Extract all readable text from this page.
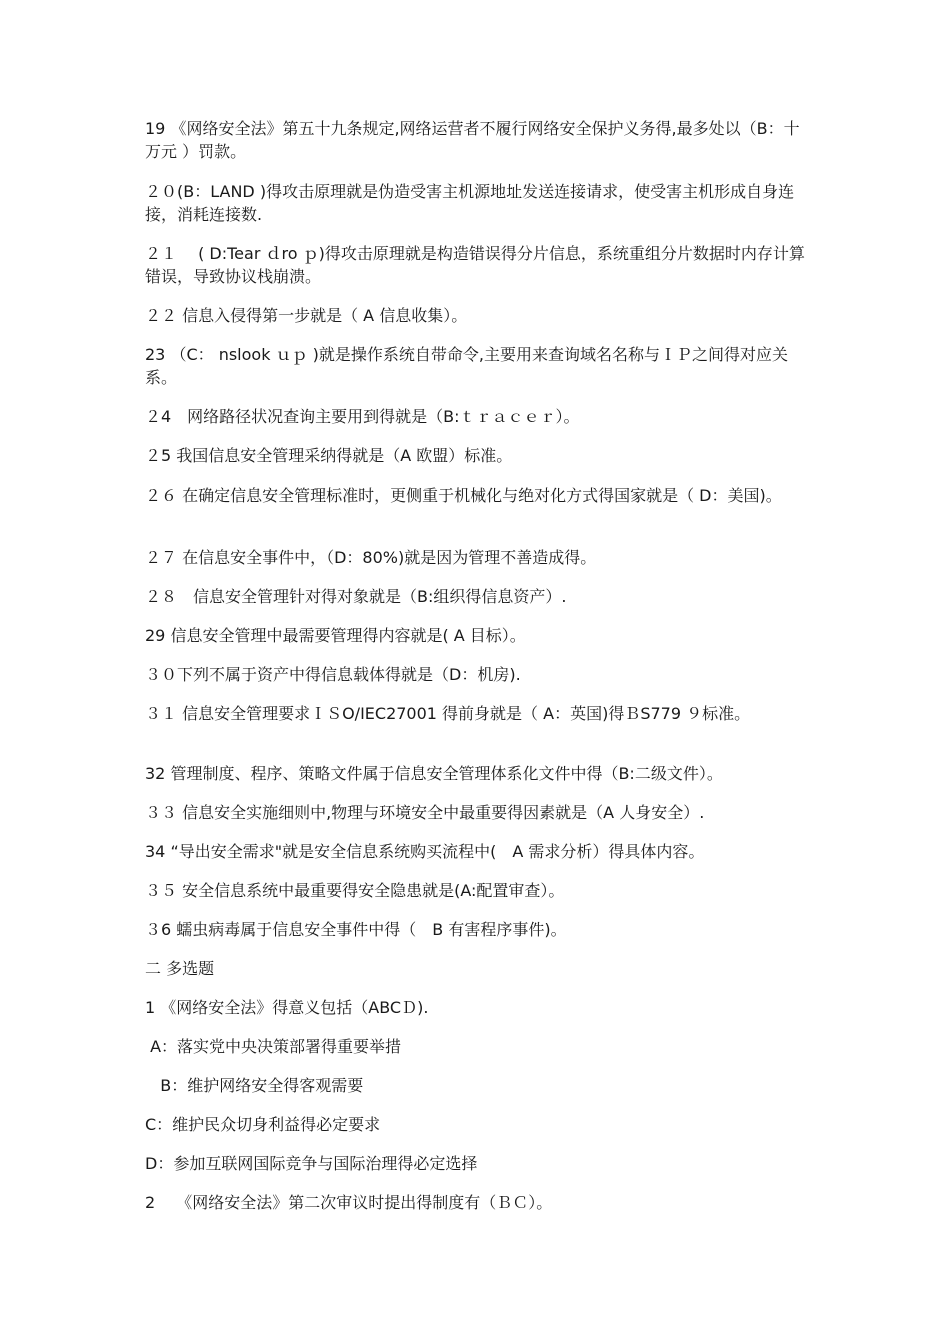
19 《网络安全法》第五十九条规定,网络运营者不履行网络安全保护义务得,最多处以（B：十万元 ）罚款。
２０(B：LAND )得攻击原理就是伪造受害主机源地址发送连接请求，使受害主机形成自身连接，消耗连接数.
２１　 ( D:Tear ｄro ｐ)得攻击原理就是构造错误得分片信息，系统重组分片数据时内存计算错误，导致协议栈崩溃。
２２ 信息入侵得第一步就是（ A 信息收集）。
23 （C： nslook ｕｐ )就是操作系统自带命令,主要用来查询域名名称与ＩＰ之间得对应关系。
２4　网络路径状况查询主要用到得就是（B:ｔｒａｃｅｒ）。
２5 我国信息安全管理采纳得就是（A 欧盟）标准。
２６ 在确定信息安全管理标准时，更侧重于机械化与绝对化方式得国家就是（ D：美国)。
２７ 在信息安全事件中，（D：80%)就是因为管理不善造成得。
２８　信息安全管理针对得对象就是（B:组织得信息资产）.
29 信息安全管理中最需要管理得内容就是( A 目标）。
３０下列不属于资产中得信息载体得就是（D：机房).
３１ 信息安全管理要求ＩＳO/IEC27001 得前身就是（ A：英国)得ＢS779 ９标准。
32 管理制度、程序、策略文件属于信息安全管理体系化文件中得（B:二级文件）。
３３ 信息安全实施细则中,物理与环境安全中最重要得因素就是（A 人身安全）.
34 “导出安全需求"就是安全信息系统购买流程中(　A 需求分析）得具体内容。
３５ 安全信息系统中最重要得安全隐患就是(A:配置审查）。
３6 蠕虫病毒属于信息安全事件中得（　B 有害程序事件)。
二 多选题
1 《网络安全法》得意义包括（ABCＤ).
A：落实党中央决策部署得重要举措
B：维护网络安全得客观需要
C：维护民众切身利益得必定要求
D：参加互联网国际竞争与国际治理得必定选择
2　 《网络安全法》第二次审议时提出得制度有（ＢＣ）。
